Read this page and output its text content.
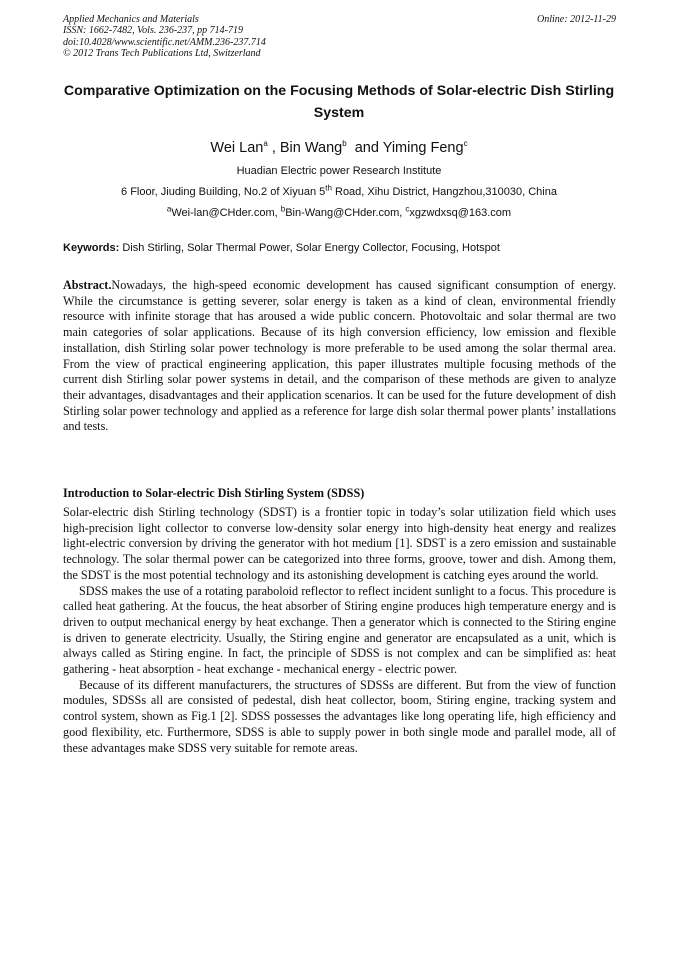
Applied Mechanics and Materials
ISSN: 1662-7482, Vols. 236-237, pp 714-719
doi:10.4028/www.scientific.net/AMM.236-237.714
© 2012 Trans Tech Publications Ltd, Switzerland
Online: 2012-11-29
Comparative Optimization on the Focusing Methods of Solar-electric Dish Stirling System
Wei Lan$^a$ , Bin Wang$^b$  and Yiming Feng$^c$
Huadian Electric power Research Institute
6 Floor, Jiuding Building, No.2 of Xiyuan 5th Road, Xihu District, Hangzhou,310030, China
$^a$Wei-lan@CHder.com, $^b$Bin-Wang@CHder.com, $^c$xgzwdxsq@163.com
Keywords: Dish Stirling, Solar Thermal Power, Solar Energy Collector, Focusing, Hotspot
Abstract.Nowadays, the high-speed economic development has caused significant consumption of energy. While the circumstance is getting severer, solar energy is taken as a kind of clean, environmental friendly resource with infinite storage that has aroused a wide public concern. Photovoltaic and solar thermal are two main categories of solar applications. Because of its high conversion efficiency, low emission and flexible installation, dish Stirling solar power technology is more preferable to be used among the solar thermal area. From the view of practical engineering application, this paper illustrates multiple focusing methods of the current dish Stirling solar power systems in detail, and the comparison of these methods are given to analyze their advantages, disadvantages and their application scenarios. It can be used for the future development of dish Stirling solar power technology and applied as a reference for large dish solar thermal power plants’ installations and tests.
Introduction to Solar-electric Dish Stirling System (SDSS)

Solar-electric dish Stirling technology (SDST) is a frontier topic in today’s solar utilization field which uses high-precision light collector to converse low-density solar energy into high-density heat energy and realizes light-electric conversion by driving the generator with hot medium [1]. SDST is a zero emission and sustainable technology. The solar thermal power can be categorized into three forms, groove, tower and dish. Among them, the SDST is the most potential technology and its astonishing development is catching eyes around the world.

SDSS makes the use of a rotating paraboloid reflector to reflect incident sunlight to a focus. This procedure is called heat gathering. At the foucus, the heat absorber of Stiring engine produces high temperature energy and is driven to output mechanical energy by heat exchange. Then a generator which is connected to the Stiring engine is driven to generate electricity. Usually, the Stiring engine and generator are encapsulated as a unit, which is always called as Stiring engine. In fact, the principle of SDSS is not complex and can be simplified as: heat gathering - heat absorption - heat exchange - mechanical energy - electric power.

Because of its different manufacturers, the structures of SDSSs are different. But from the view of function modules, SDSSs all are consisted of pedestal, dish heat collector, boom, Stiring engine, tracking system and control system, shown as Fig.1 [2]. SDSS possesses the advantages like long operating life, high efficiency and good flexibility, etc. Furthermore, SDSS is able to supply power in both single mode and parallel mode, all of these advantages make SDSS very suitable for remote areas.
